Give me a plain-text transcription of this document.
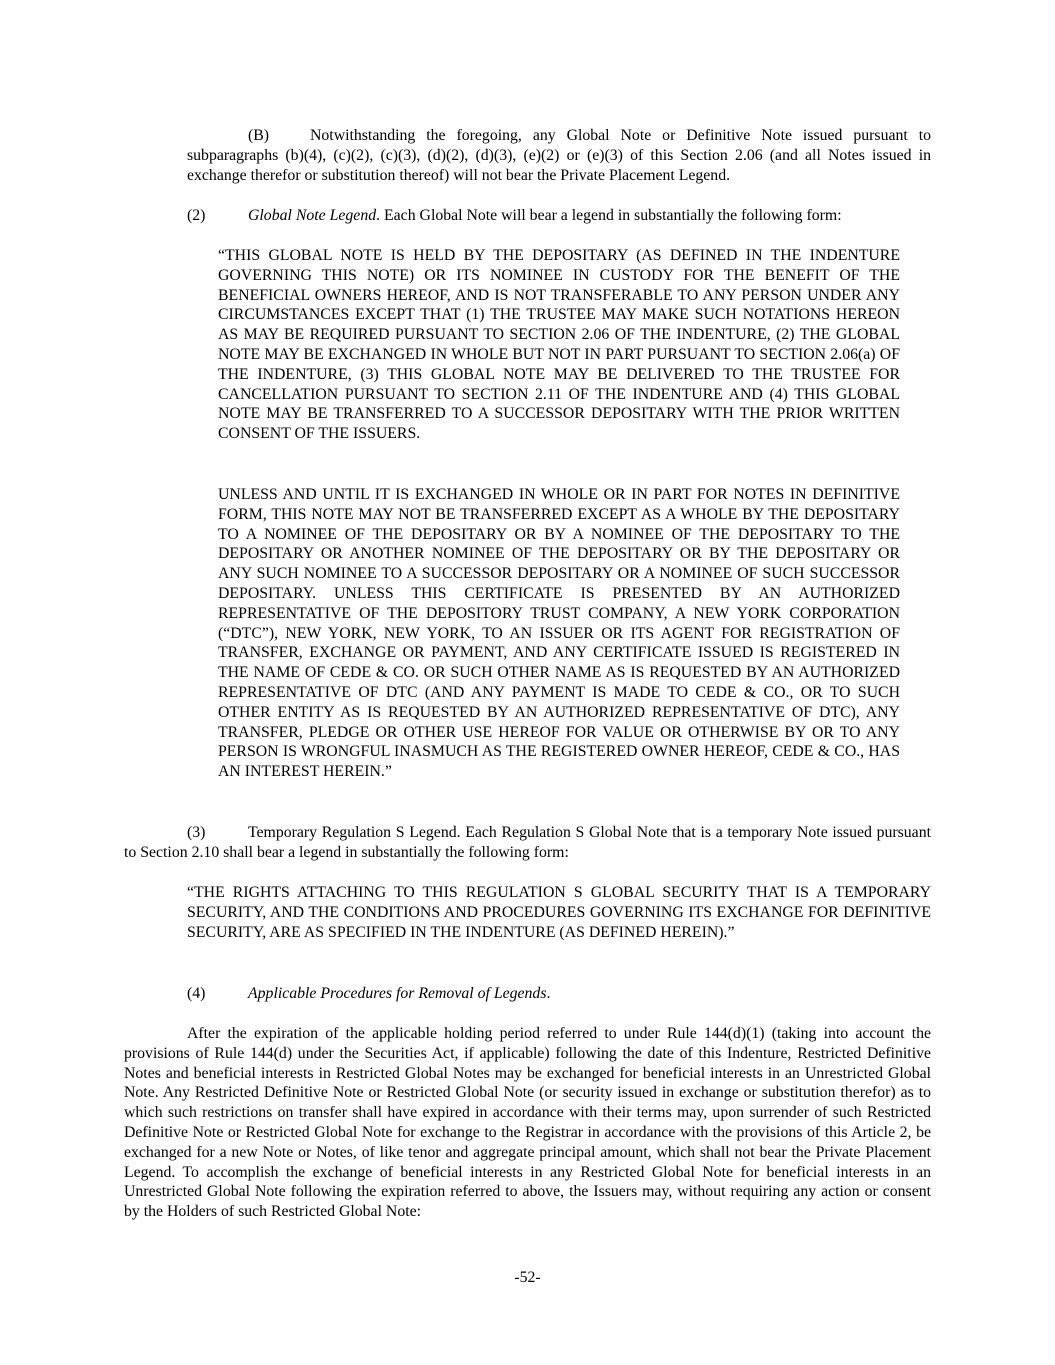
(B)	Notwithstanding the foregoing, any Global Note or Definitive Note issued pursuant to subparagraphs (b)(4), (c)(2), (c)(3), (d)(2), (d)(3), (e)(2) or (e)(3) of this Section 2.06 (and all Notes issued in exchange therefor or substitution thereof) will not bear the Private Placement Legend.

(2)	Global Note Legend. Each Global Note will bear a legend in substantially the following form:

“THIS GLOBAL NOTE IS HELD BY THE DEPOSITARY (AS DEFINED IN THE INDENTURE GOVERNING THIS NOTE) OR ITS NOMINEE IN CUSTODY FOR THE BENEFIT OF THE BENEFICIAL OWNERS HEREOF, AND IS NOT TRANSFERABLE TO ANY PERSON UNDER ANY CIRCUMSTANCES EXCEPT THAT (1) THE TRUSTEE MAY MAKE SUCH NOTATIONS HEREON AS MAY BE REQUIRED PURSUANT TO SECTION 2.06 OF THE INDENTURE, (2) THE GLOBAL NOTE MAY BE EXCHANGED IN WHOLE BUT NOT IN PART PURSUANT TO SECTION 2.06(a) OF THE INDENTURE, (3) THIS GLOBAL NOTE MAY BE DELIVERED TO THE TRUSTEE FOR CANCELLATION PURSUANT TO SECTION 2.11 OF THE INDENTURE AND (4) THIS GLOBAL NOTE MAY BE TRANSFERRED TO A SUCCESSOR DEPOSITARY WITH THE PRIOR WRITTEN CONSENT OF THE ISSUERS.

UNLESS AND UNTIL IT IS EXCHANGED IN WHOLE OR IN PART FOR NOTES IN DEFINITIVE FORM, THIS NOTE MAY NOT BE TRANSFERRED EXCEPT AS A WHOLE BY THE DEPOSITARY TO A NOMINEE OF THE DEPOSITARY OR BY A NOMINEE OF THE DEPOSITARY TO THE DEPOSITARY OR ANOTHER NOMINEE OF THE DEPOSITARY OR BY THE DEPOSITARY OR ANY SUCH NOMINEE TO A SUCCESSOR DEPOSITARY OR A NOMINEE OF SUCH SUCCESSOR DEPOSITARY. UNLESS THIS CERTIFICATE IS PRESENTED BY AN AUTHORIZED REPRESENTATIVE OF THE DEPOSITORY TRUST COMPANY, A NEW YORK CORPORATION (“DTC”), NEW YORK, NEW YORK, TO AN ISSUER OR ITS AGENT FOR REGISTRATION OF TRANSFER, EXCHANGE OR PAYMENT, AND ANY CERTIFICATE ISSUED IS REGISTERED IN THE NAME OF CEDE & CO. OR SUCH OTHER NAME AS IS REQUESTED BY AN AUTHORIZED REPRESENTATIVE OF DTC (AND ANY PAYMENT IS MADE TO CEDE & CO., OR TO SUCH OTHER ENTITY AS IS REQUESTED BY AN AUTHORIZED REPRESENTATIVE OF DTC), ANY TRANSFER, PLEDGE OR OTHER USE HEREOF FOR VALUE OR OTHERWISE BY OR TO ANY PERSON IS WRONGFUL INASMUCH AS THE REGISTERED OWNER HEREOF, CEDE & CO., HAS AN INTEREST HEREIN.”

(3)	Temporary Regulation S Legend. Each Regulation S Global Note that is a temporary Note issued pursuant to Section 2.10 shall bear a legend in substantially the following form:

“THE RIGHTS ATTACHING TO THIS REGULATION S GLOBAL SECURITY THAT IS A TEMPORARY SECURITY, AND THE CONDITIONS AND PROCEDURES GOVERNING ITS EXCHANGE FOR DEFINITIVE SECURITY, ARE AS SPECIFIED IN THE INDENTURE (AS DEFINED HEREIN).”

(4)	Applicable Procedures for Removal of Legends.

After the expiration of the applicable holding period referred to under Rule 144(d)(1) (taking into account the provisions of Rule 144(d) under the Securities Act, if applicable) following the date of this Indenture, Restricted Definitive Notes and beneficial interests in Restricted Global Notes may be exchanged for beneficial interests in an Unrestricted Global Note. Any Restricted Definitive Note or Restricted Global Note (or security issued in exchange or substitution therefor) as to which such restrictions on transfer shall have expired in accordance with their terms may, upon surrender of such Restricted Definitive Note or Restricted Global Note for exchange to the Registrar in accordance with the provisions of this Article 2, be exchanged for a new Note or Notes, of like tenor and aggregate principal amount, which shall not bear the Private Placement Legend. To accomplish the exchange of beneficial interests in any Restricted Global Note for beneficial interests in an Unrestricted Global Note following the expiration referred to above, the Issuers may, without requiring any action or consent by the Holders of such Restricted Global Note:

-52-
